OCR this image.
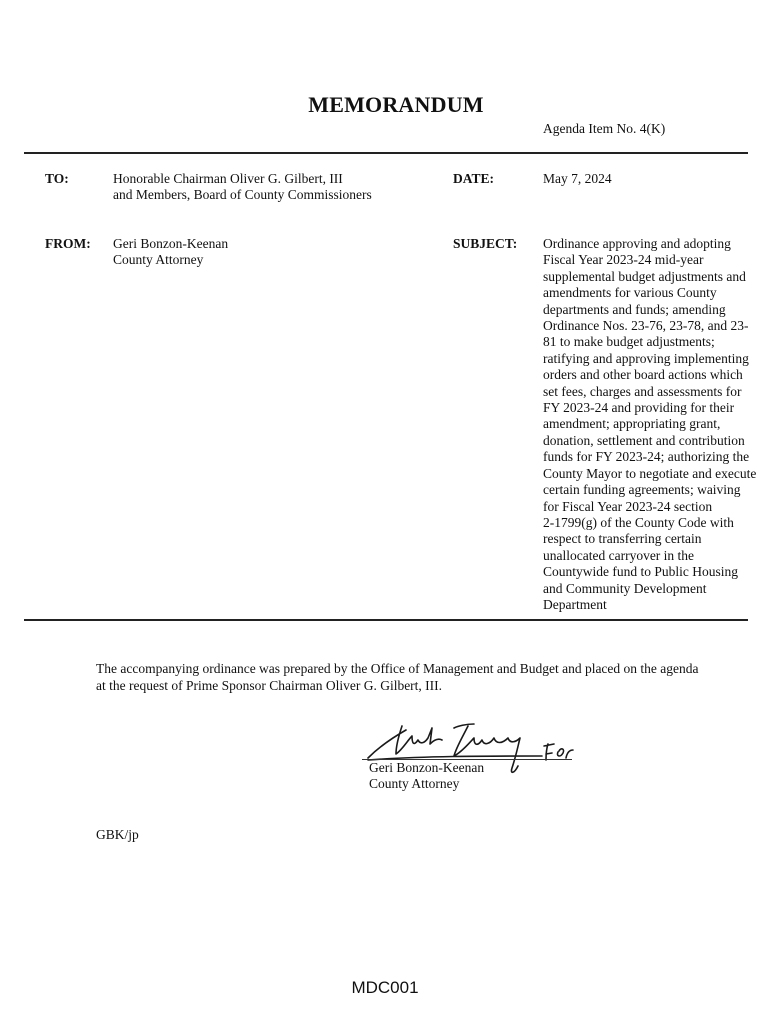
MEMORANDUM
Agenda Item No. 4(K)
TO:	Honorable Chairman Oliver G. Gilbert, III
and Members, Board of County Commissioners
DATE:	May 7, 2024
FROM: Geri Bonzon-Keenan
County Attorney
SUBJECT: Ordinance approving and adopting
Fiscal Year 2023-24 mid-year
supplemental budget adjustments and
amendments for various County
departments and funds; amending
Ordinance Nos. 23-76, 23-78, and 23-
81 to make budget adjustments;
ratifying and approving implementing
orders and other board actions which
set fees, charges and assessments for
FY 2023-24 and providing for their
amendment; appropriating grant,
donation, settlement and contribution
funds for FY 2023-24; authorizing the
County Mayor to negotiate and execute
certain funding agreements; waiving
for Fiscal Year 2023-24 section
2-1799(g) of the County Code with
respect to transferring certain
unallocated carryover in the
Countywide fund to Public Housing
and Community Development
Department
The accompanying ordinance was prepared by the Office of Management and Budget and placed on the agenda
at the request of Prime Sponsor Chairman Oliver G. Gilbert, III.
Geri Bonzon-Keenan
County Attorney
GBK/jp
MDC001
